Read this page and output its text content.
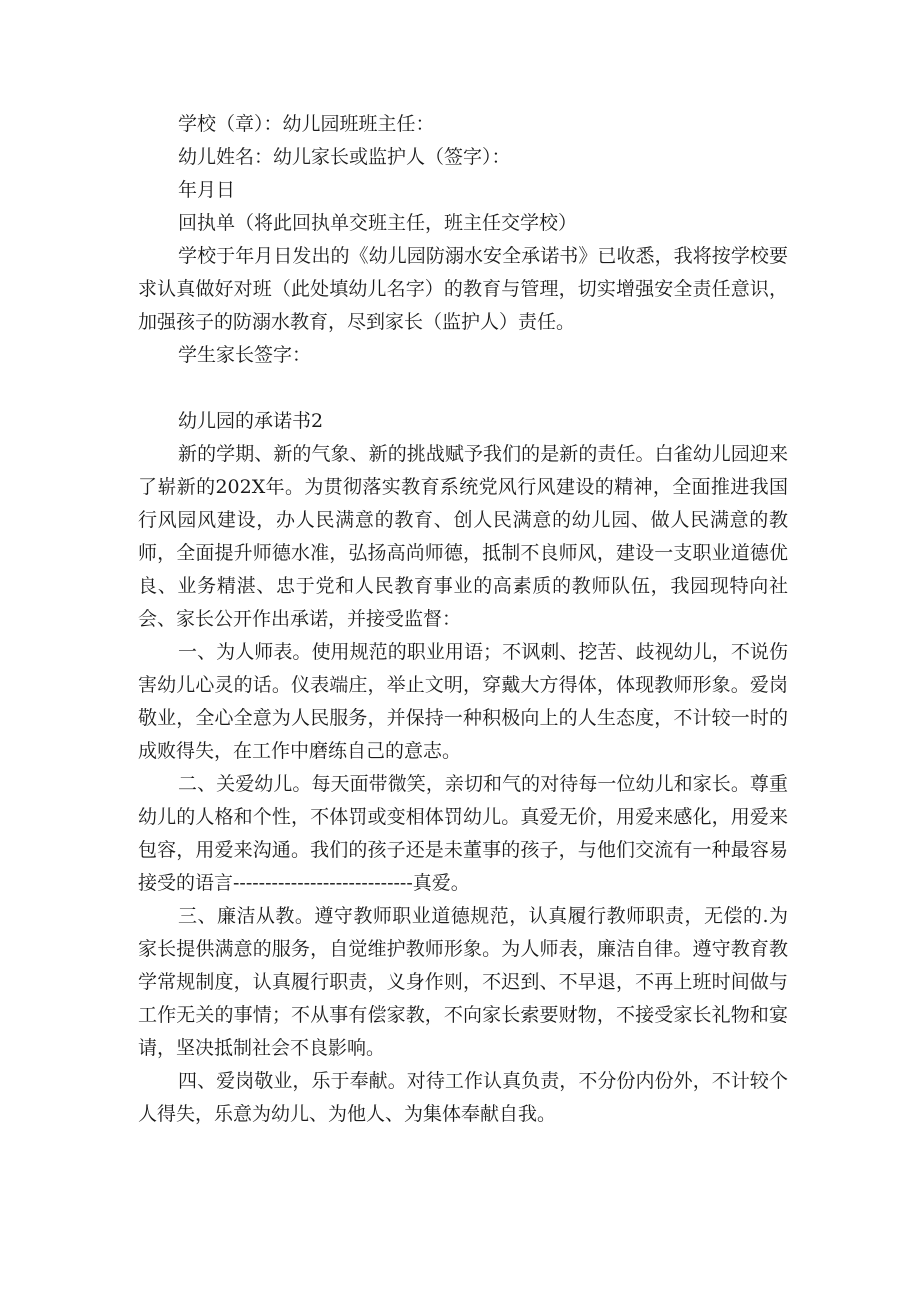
学校（章）：幼儿园班班主任：

幼儿姓名：幼儿家长或监护人（签字）：

年月日

回执单（将此回执单交班主任，班主任交学校）

学校于年月日发出的《幼儿园防溺水安全承诺书》已收悉，我将按学校要求认真做好对班（此处填幼儿名字）的教育与管理，切实增强安全责任意识，加强孩子的防溺水教育，尽到家长（监护人）责任。

学生家长签字：

幼儿园的承诺书2

新的学期、新的气象、新的挑战赋予我们的是新的责任。白雀幼儿园迎来了崭新的202X年。为贯彻落实教育系统党风行风建设的精神，全面推进我国行风园风建设，办人民满意的教育、创人民满意的幼儿园、做人民满意的教师，全面提升师德水准，弘扬高尚师德，抵制不良师风，建设一支职业道德优良、业务精湛、忠于党和人民教育事业的高素质的教师队伍，我园现特向社会、家长公开作出承诺，并接受监督：

一、为人师表。使用规范的职业用语；不讽刺、挖苦、歧视幼儿，不说伤害幼儿心灵的话。仪表端庄，举止文明，穿戴大方得体，体现教师形象。爱岗敬业，全心全意为人民服务，并保持一种积极向上的人生态度，不计较一时的成败得失，在工作中磨练自己的意志。

二、关爱幼儿。每天面带微笑，亲切和气的对待每一位幼儿和家长。尊重幼儿的人格和个性，不体罚或变相体罚幼儿。真爱无价，用爱来感化，用爱来包容，用爱来沟通。我们的孩子还是未董事的孩子，与他们交流有一种最容易接受的语言----------------------------真爱。

三、廉洁从教。遵守教师职业道德规范，认真履行教师职责，无偿的.为家长提供满意的服务，自觉维护教师形象。为人师表，廉洁自律。遵守教育教学常规制度，认真履行职责，义身作则，不迟到、不早退，不再上班时间做与工作无关的事情；不从事有偿家教，不向家长索要财物，不接受家长礼物和宴请，坚决抵制社会不良影响。

四、爱岗敬业，乐于奉献。对待工作认真负责，不分份内份外，不计较个人得失，乐意为幼儿、为他人、为集体奉献自我。
